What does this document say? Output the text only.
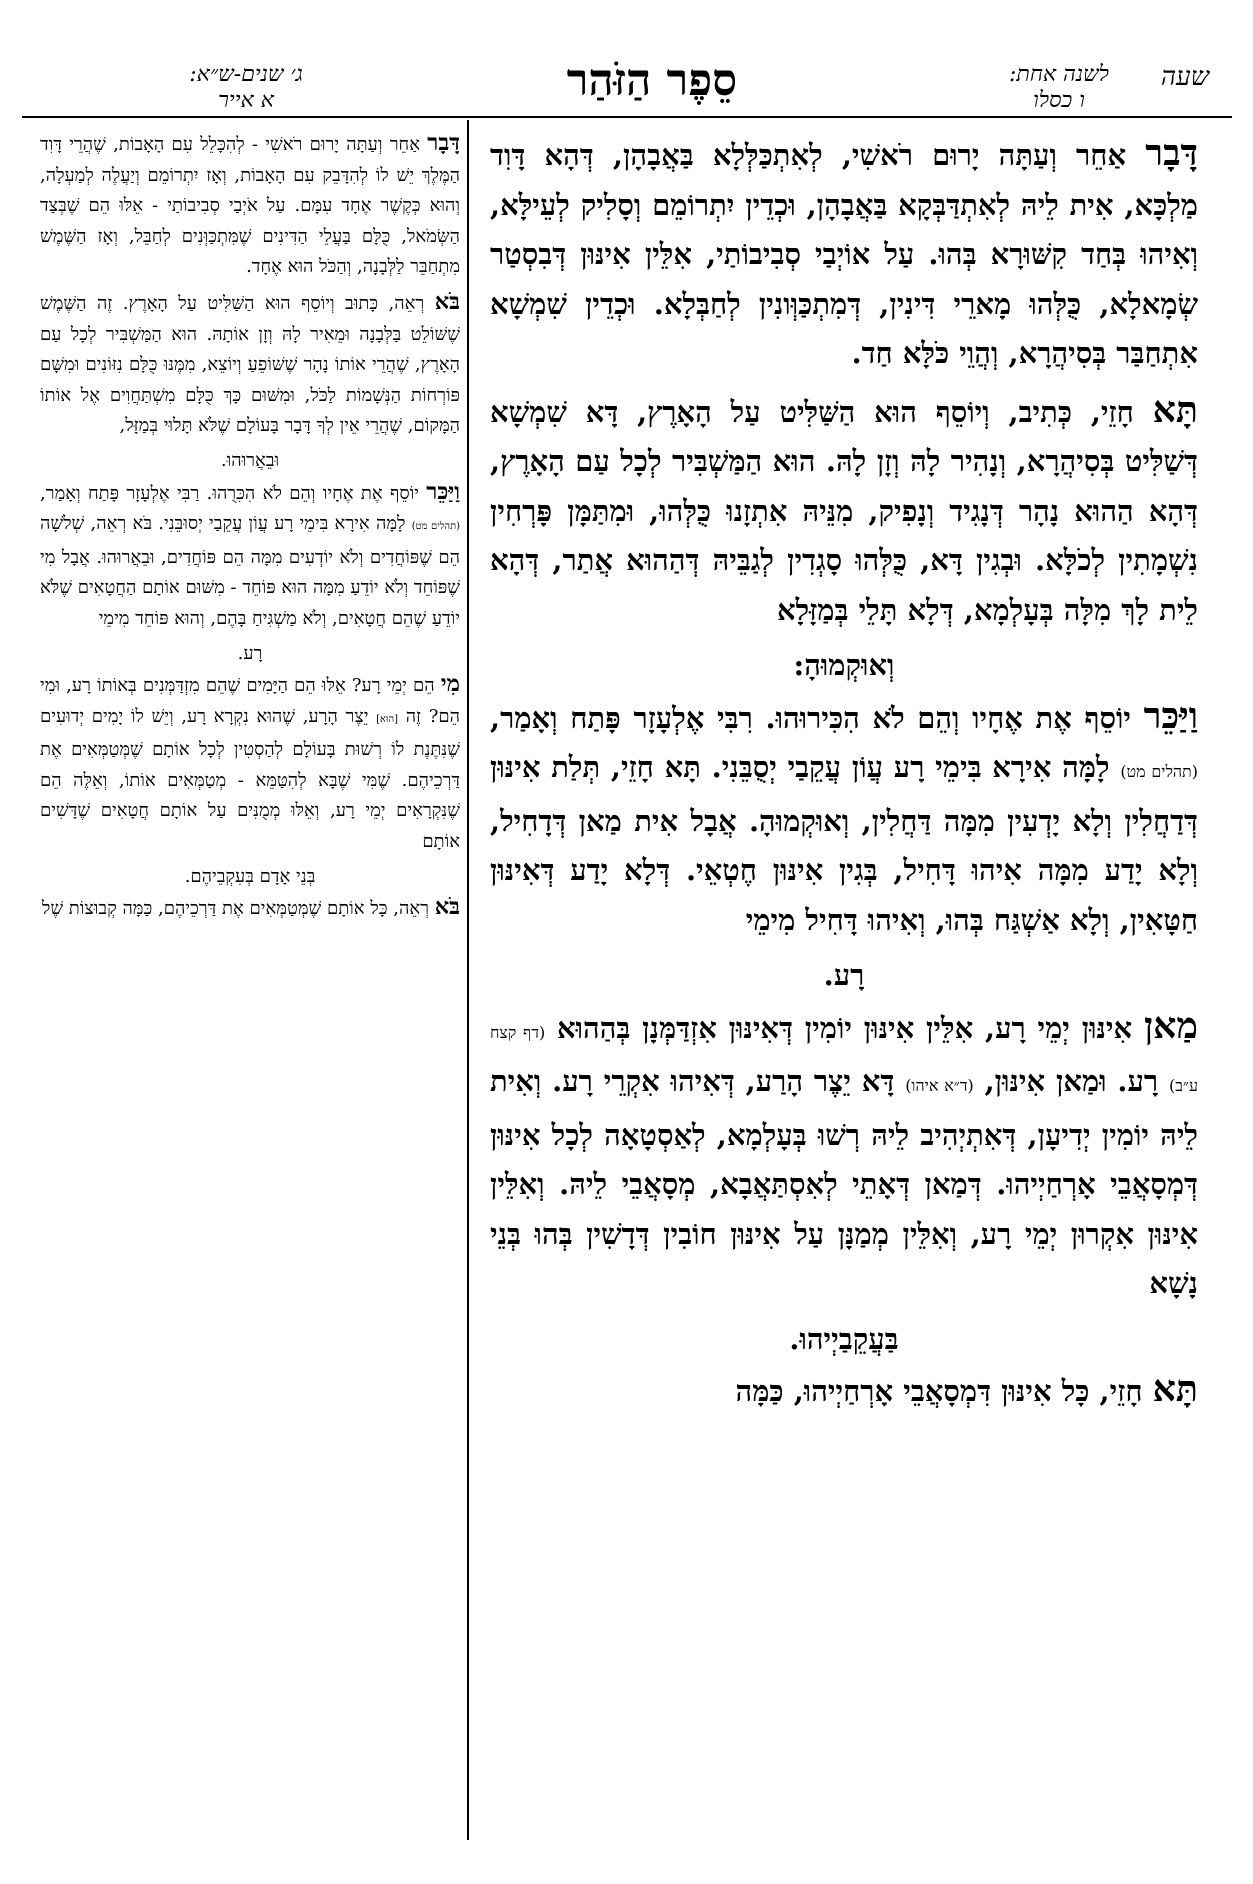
ג׳ שנים-ש״א:
א אייר	סֵפֶר הַזֹּהַר	לשנה אחת:
ו כסלו
שעה

דָּבָר אַחֵר וְעַתָּה יָרוּם רֹאשִׁי, לְאִתְכַּלְּלָא בַּאֲבָהָן, דְּהָא דָּוִד מַלְכָּא, אִית לֵיהּ לְאִתְדַּבְּקָא בַּאֲבָהָן, וּכְדֵין יִתְרוֹמֵם וְסָלִיק לְעֵילָּא, וְאִיהוּ בְּחַד קִשּׁוּרָא בְּהוּ. עַל אוֹיְבַי סְבִיבוֹתַי, אִלֵּין אִינּוּן דְּבִסְטַר שְׂמָאלָא, כֻּלְּהוּ מָארֵי דִּינִין, דְּמִתְכַּוְּונִין לְחַבְּלָא. וּכְדֵין שִׁמְשָׁא אִתְחַבַּר בְּסִיהֲרָא, וְהֲוֵי כֹּלָּא חַד.

תָּא חָזֵי, כְּתִיב, וְיוֹסֵף הוּא הַשַּׁלִּיט עַל הָאָרֶץ, דָּא שִׁמְשָׁא דְּשַׁלִּיט בְּסִיהֲרָא, וְנָהִיר לָהּ וְזָן לָהּ. הוּא הַמַּשְׁבִּיר לְכָל עַם הָאָרֶץ, דְּהָא הַהוּא נָהָר דְּנָגִיד וְנָפִיק, מִנֵּיהּ אִתְזָנוּ כֻּלְּהוּ, וּמִתַּמָּן פָּרְחִין נִשְׁמָתִין לְכֹלָּא. וּבְגִין דָּא, כֻּלְּהוּ סָגְדִין לְגַבֵּיהּ דְּהַהוּא אֲתַר, דְּהָא לֵית לָךְ מִלָּה בְּעָלְמָא, דְּלָא תָּלֵי בְּמַזָּלָא

וְאוּקְמוּהָ:

וַיַּכֵּר יוֹסֵף אֶת אֶחָיו וְהֵם לֹא הִכִּירוּהוּ. רִבִּי אֶלְעָזָר פָּתַח וְאָמַר, (תהלים מט) לָמָּה אִירָא בִּימֵי רָע עֲוֹן עֲקֵבַי יְסֻבֵּנִי. תָּא חָזֵי, תְּלַת אִינּוּן דְּדַחֲלִין וְלָא יָדְעִין מִמָּה דַּחֲלִין, וְאוּקְמוּהָ. אֲבָל אִית מַאן דְּדָחִיל, וְלָא יָדַע מִמָּה אִיהוּ דָּחִיל, בְּגִין אִינּוּן חֶטְאֵי. דְּלָא יָדַע דְּאִינּוּן חַטָּאִין, וְלָא אַשְׁגַּח בְּהוּ, וְאִיהוּ דָּחִיל מִימֵי

רָע.

מַאן אִינּוּן יְמֵי רָע, אִלֵּין אִינּוּן יוֹמִין דְּאִינּוּן אִזְדַּמְּנָן בְּהַהוּא (דף קצח ע״ב) רָע. וּמַאן אִינּוּן, (ד״א איהו) דָּא יֵצֶר הָרַע, דְּאִיהוּ אִקְרֵי רָע. וְאִית לֵיהּ יוֹמִין יְדִיעָן, דְּאִתְיְהִיב לֵיהּ רְשׁוּ בְּעָלְמָא, לְאַסְטָאָה לְכָל אִינּוּן דְּמְסָאֲבֵי אָרְחַיְיהוּ. דְּמַאן דְּאָתֵי לְאִסְתַּאֲבָא, מְסָאֲבֵי לֵיהּ. וְאִלֵּין אִינּוּן אִקְרוּן יְמֵי רָע, וְאִלֵּין מְמַנָּן עַל אִינּוּן חוֹבִין דְּדָשִׁין בְּהוּ בְּנֵי נָשָׁא

בַּעֲקֵבַיְיהוּ.

תָּא חָזֵי, כָּל אִינּוּן דִּמְסָאֲבֵי אָרְחַיְיהוּ, כַּמָּה

דָּבָר אַחֵר וְעַתָּה יָרוּם רֹאשִׁי - לְהִכָּלֵל עִם הָאָבוֹת, שֶׁהֲרֵי דָּוִד הַמֶּלֶךְ יֵשׁ לוֹ לְהִדָּבֵק עִם הָאָבוֹת, וְאָז יִתְרוֹמֵם וְיַעֲלֶה לְמַעְלָה, וְהוּא כְּקֶשֶׁר אֶחָד עִמָּם. עַל אֹיְבַי סְבִיבוֹתַי - אֵלּוּ הֵם שֶׁבְּצַד הַשְּׂמֹאל, כֻּלָּם בַּעֲלֵי הַדִּינִים שֶׁמִּתְכַּוְּנִים לְחַבֵּל, וְאָז הַשֶּׁמֶשׁ מִתְחַבֵּר לַלְּבָנָה, וְהַכֹּל הוּא אֶחָד.

בֹּא רְאֵה, כָּתוּב וְיוֹסֵף הוּא הַשַּׁלִּיט עַל הָאָרֶץ. זֶה הַשֶּׁמֶשׁ שֶׁשּׁוֹלֵט בַּלְּבָנָה וּמֵאִיר לָהּ וְזָן אוֹתָהּ. הוּא הַמַּשְׁבִּיר לְכָל עַם הָאָרֶץ, שֶׁהֲרֵי אוֹתוֹ נָהָר שֶׁשּׁוֹפֵעַ וְיוֹצֵא, מִמֶּנּוּ כֻּלָּם נִזּוֹנִים וּמִשָּׁם פּוֹרְחוֹת הַנְּשָׁמוֹת לַכֹּל, וּמִשּׁוּם כָּךְ כֻּלָּם מִשְׁתַּחֲוִים אֶל אוֹתוֹ הַמָּקוֹם, שֶׁהֲרֵי אֵין לְךָ דָּבָר בָּעוֹלָם שֶׁלֹּא תָּלוּי בְּמַזָּל,

וּבֵאֲרוּהוּ.

וַיַּכֵּר יוֹסֵף אֶת אֶחָיו וְהֵם לֹא הִכִּרֻהוּ. רַבִּי אֶלְעָזָר פָּתַח וְאָמַר, (תהלים מט) לָמָּה אִירָא בִּימֵי רָע עֲוֹן עֲקֵבַי יְסוּבֵּנִי. בֹּא רְאֵה, שְׁלֹשָׁה הֵם שֶׁפּוֹחֲדִים וְלֹא יוֹדְעִים מִמָּה הֵם פּוֹחֲדִים, וּבֵאֲרוּהוּ. אֲבָל מִי שֶׁפּוֹחֵד וְלֹא יוֹדֵעַ מִמָּה הוּא פּוֹחֵד - מִשּׁוּם אוֹתָם הַחֲטָאִים שֶׁלֹּא יוֹדֵעַ שֶׁהֵם חֲטָאִים, וְלֹא מַשְׁגִּיחַ בָּהֶם, וְהוּא פּוֹחֵד מִימֵי

רָע.

מִי הֵם יְמֵי רָע? אֵלּוּ הֵם הַיָּמִים שֶׁהֵם מִזְדַּמְּנִים בְּאוֹתוֹ רָע, וּמִי הֵם? זֶה [הוּא] יֵצֶר הָרָע, שֶׁהוּא נִקְרָא רָע, וְיֵשׁ לוֹ יָמִים יְדוּעִים שֶׁנִּתֶּנֶת לוֹ רְשׁוּת בָּעוֹלָם לְהַסְטִין לְכָל אוֹתָם שֶׁמְּטַמְּאִים אֶת דַּרְכֵיהֶם. שֶׁמִּי שֶׁבָּא לְהִטַּמֵּא - מְטַמְּאִים אוֹתוֹ, וְאֵלֶּה הֵם שֶׁנִּקְרָאִים יְמֵי רָע, וְאֵלּוּ מְמֻנִּים עַל אוֹתָם חֲטָאִים שֶׁדָּשִׁים אוֹתָם

בְּנֵי אָדָם בְּעִקְבֵיהֶם.

בֹּא רְאֵה, כָּל אוֹתָם שֶׁמְּטַמְּאִים אֶת דַּרְכֵיהֶם, כַּמָּה קְבוּצוֹת שֶׁל
